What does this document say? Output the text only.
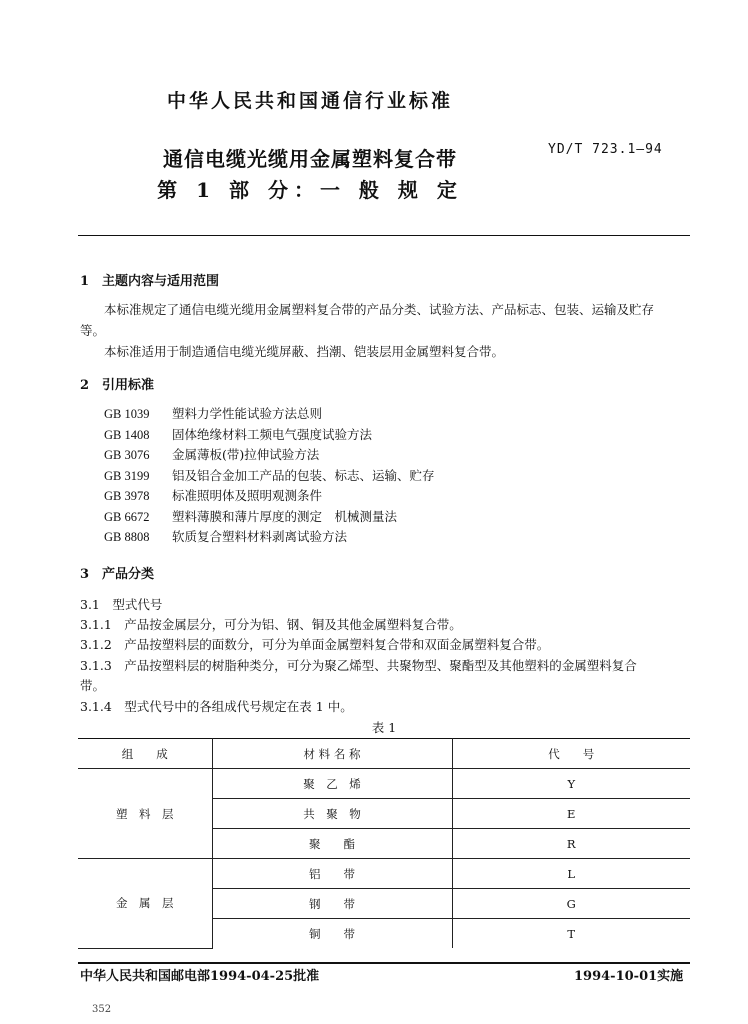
中华人民共和国通信行业标准
通信电缆光缆用金属塑料复合带
第 1 部 分：一 般 规 定
YD/T 723.1—94
1　主题内容与适用范围
本标准规定了通信电缆光缆用金属塑料复合带的产品分类、试验方法、产品标志、包装、运输及贮存
等。
本标准适用于制造通信电缆光缆屏蔽、挡潮、铠装层用金属塑料复合带。
2　引用标准
GB 1039 塑料力学性能试验方法总则
GB 1408 固体绝缘材料工频电气强度试验方法
GB 3076 金属薄板(带)拉伸试验方法
GB 3199 铝及铝合金加工产品的包装、标志、运输、贮存
GB 3978 标准照明体及照明观测条件
GB 6672 塑料薄膜和薄片厚度的测定　机械测量法
GB 8808 软质复合塑料材料剥离试验方法
3　产品分类
3.1　型式代号
3.1.1　产品按金属层分，可分为铝、钢、铜及其他金属塑料复合带。
3.1.2　产品按塑料层的面数分，可分为单面金属塑料复合带和双面金属塑料复合带。
3.1.3　产品按塑料层的树脂种类分，可分为聚乙烯型、共聚物型、聚酯型及其他塑料的金属塑料复合
带。
3.1.4　型式代号中的各组成代号规定在表 1 中。
表 1
组　　成	材 料 名 称	代　　号
塑　料　层	聚　乙　烯	Y
	共　聚　物	E
	聚　　酯	R
金　属　层	铝　　带	L
	钢　　带	G
	铜　　带	T
中华人民共和国邮电部1994-04-25批准	1994-10-01实施
352
